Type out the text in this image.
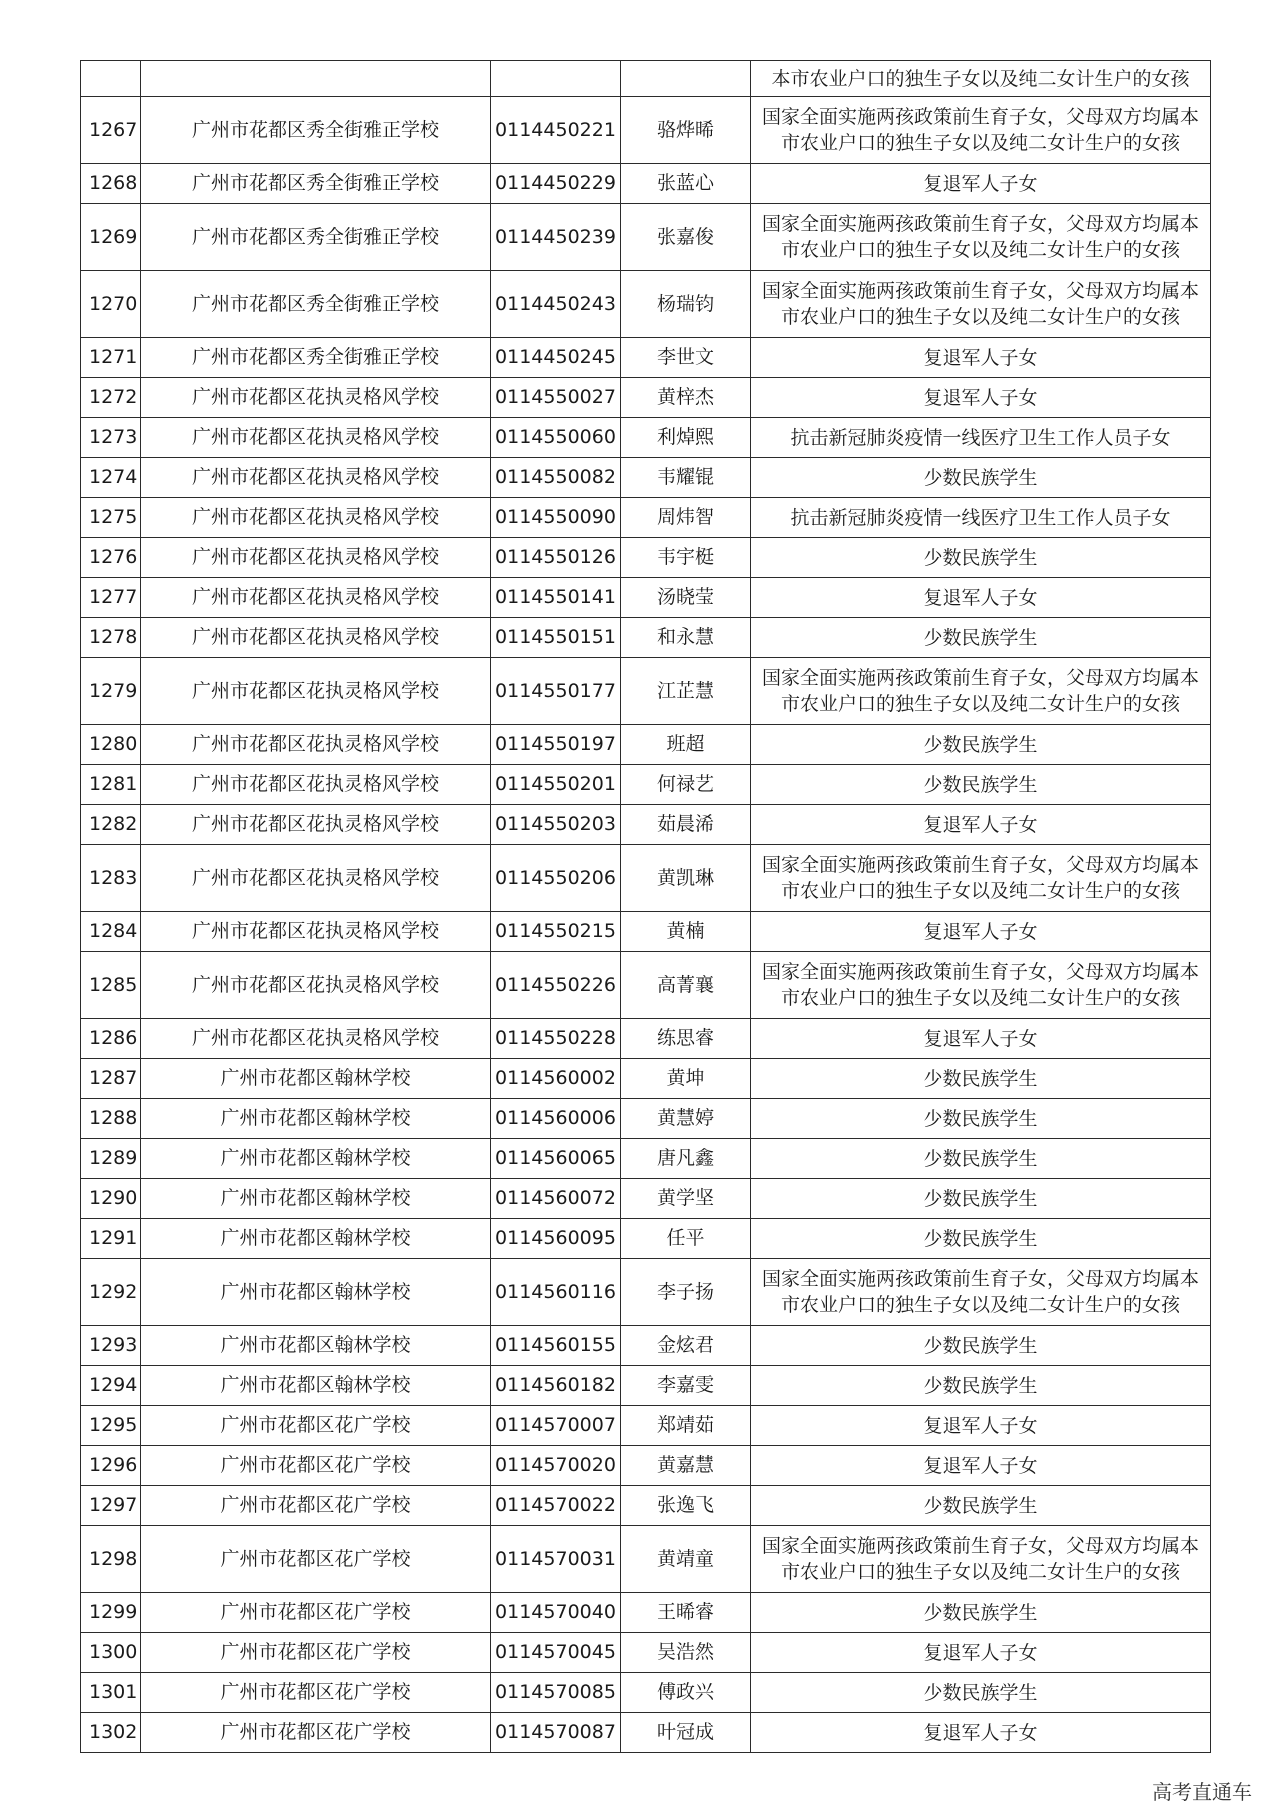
				本市农业户口的独生子女以及纯二女计生户的女孩
1267	广州市花都区秀全街雅正学校	0114450221	骆烨晞	国家全面实施两孩政策前生育子女，父母双方均属本市农业户口的独生子女以及纯二女计生户的女孩
1268	广州市花都区秀全街雅正学校	0114450229	张蓝心	复退军人子女
1269	广州市花都区秀全街雅正学校	0114450239	张嘉俊	国家全面实施两孩政策前生育子女，父母双方均属本市农业户口的独生子女以及纯二女计生户的女孩
1270	广州市花都区秀全街雅正学校	0114450243	杨瑞钧	国家全面实施两孩政策前生育子女，父母双方均属本市农业户口的独生子女以及纯二女计生户的女孩
1271	广州市花都区秀全街雅正学校	0114450245	李世文	复退军人子女
1272	广州市花都区花执灵格风学校	0114550027	黄梓杰	复退军人子女
1273	广州市花都区花执灵格风学校	0114550060	利焯熙	抗击新冠肺炎疫情一线医疗卫生工作人员子女
1274	广州市花都区花执灵格风学校	0114550082	韦耀锟	少数民族学生
1275	广州市花都区花执灵格风学校	0114550090	周炜智	抗击新冠肺炎疫情一线医疗卫生工作人员子女
1276	广州市花都区花执灵格风学校	0114550126	韦宇梃	少数民族学生
1277	广州市花都区花执灵格风学校	0114550141	汤晓莹	复退军人子女
1278	广州市花都区花执灵格风学校	0114550151	和永慧	少数民族学生
1279	广州市花都区花执灵格风学校	0114550177	江芷慧	国家全面实施两孩政策前生育子女，父母双方均属本市农业户口的独生子女以及纯二女计生户的女孩
1280	广州市花都区花执灵格风学校	0114550197	班超	少数民族学生
1281	广州市花都区花执灵格风学校	0114550201	何禄艺	少数民族学生
1282	广州市花都区花执灵格风学校	0114550203	茹晨浠	复退军人子女
1283	广州市花都区花执灵格风学校	0114550206	黄凯琳	国家全面实施两孩政策前生育子女，父母双方均属本市农业户口的独生子女以及纯二女计生户的女孩
1284	广州市花都区花执灵格风学校	0114550215	黄楠	复退军人子女
1285	广州市花都区花执灵格风学校	0114550226	高菁襄	国家全面实施两孩政策前生育子女，父母双方均属本市农业户口的独生子女以及纯二女计生户的女孩
1286	广州市花都区花执灵格风学校	0114550228	练思睿	复退军人子女
1287	广州市花都区翰林学校	0114560002	黄坤	少数民族学生
1288	广州市花都区翰林学校	0114560006	黄慧婷	少数民族学生
1289	广州市花都区翰林学校	0114560065	唐凡鑫	少数民族学生
1290	广州市花都区翰林学校	0114560072	黄学坚	少数民族学生
1291	广州市花都区翰林学校	0114560095	任平	少数民族学生
1292	广州市花都区翰林学校	0114560116	李子扬	国家全面实施两孩政策前生育子女，父母双方均属本市农业户口的独生子女以及纯二女计生户的女孩
1293	广州市花都区翰林学校	0114560155	金炫君	少数民族学生
1294	广州市花都区翰林学校	0114560182	李嘉雯	少数民族学生
1295	广州市花都区花广学校	0114570007	郑靖茹	复退军人子女
1296	广州市花都区花广学校	0114570020	黄嘉慧	复退军人子女
1297	广州市花都区花广学校	0114570022	张逸飞	少数民族学生
1298	广州市花都区花广学校	0114570031	黄靖童	国家全面实施两孩政策前生育子女，父母双方均属本市农业户口的独生子女以及纯二女计生户的女孩
1299	广州市花都区花广学校	0114570040	王晞睿	少数民族学生
1300	广州市花都区花广学校	0114570045	吴浩然	复退军人子女
1301	广州市花都区花广学校	0114570085	傅政兴	少数民族学生
1302	广州市花都区花广学校	0114570087	叶冠成	复退军人子女
高考直通车
